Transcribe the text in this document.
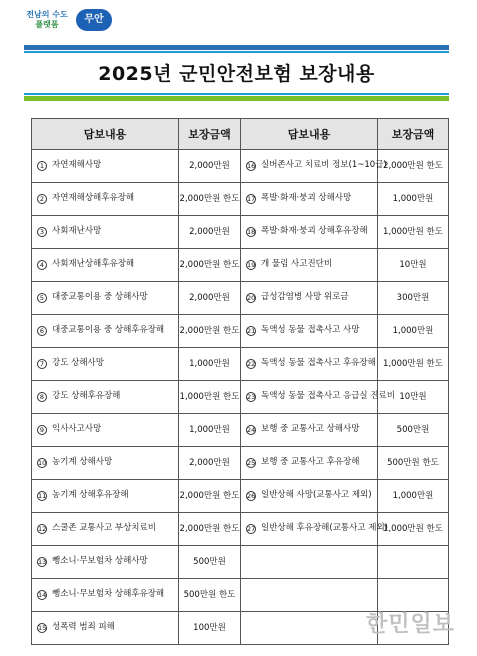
전남의 수도
플랫폼	무안
2025년 군민안전보험 보장내용
담보내용	보장금액	담보내용	보장금액
1 자연재해사망	2,000만원	16 실버존사고 치료비 정보(1~10급)	2,000만원 한도
2 자연재해상해후유장해	2,000만원 한도	17 폭발·화재·붕괴 상해사망	1,000만원
3 사회재난사망	2,000만원	18 폭발·화재·붕괴 상해후유장해	1,000만원 한도
4 사회재난상해후유장해	2,000만원 한도	19 개 물림 사고진단비	10만원
5 대중교통이용 중 상해사망	2,000만원	20 급성감염병 사망 위로금	300만원
6 대중교통이용 중 상해후유장해	2,000만원 한도	21 독액성 동물 접촉사고 사망	1,000만원
7 강도 상해사망	1,000만원	22 독액성 동물 접촉사고 후유장해	1,000만원 한도
8 강도 상해후유장해	1,000만원 한도	23 독액성 동물 접촉사고 응급실 진료비	10만원
9 익사사고사망	1,000만원	24 보행 중 교통사고 상해사망	500만원
10 농기계 상해사망	2,000만원	25 보행 중 교통사고 후유장해	500만원 한도
11 농기계 상해후유장해	2,000만원 한도	26 일반상해 사망(교통사고 제외)	1,000만원
12 스쿨존 교통사고 부상치료비	2,000만원 한도	27 일반상해 후유장해(교통사고 제외)	1,000만원 한도
13 뺑소니·무보험차 상해사망	500만원		
14 뺑소니·무보험차 상해후유장해	500만원 한도		
15 성폭력 범죄 피해	100만원			한민일보
